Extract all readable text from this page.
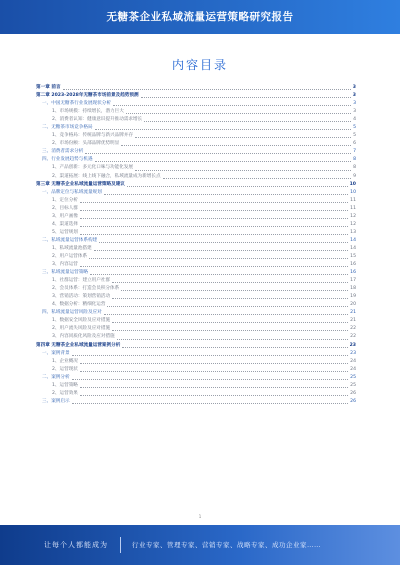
无糖茶企业私域流量运营策略研究报告
内容目录
第一章 前言	3
第二章 2023-2028年无糖茶市场前景及趋势预测	3
一、中国无糖茶行业发展现状分析	3
1、市场规模：持续增长，潜力巨大	3
2、消费者认知：健康意识提升推动需求增长	4
二、无糖茶市场竞争格局	5
1、竞争格局：传统品牌与新兴品牌并存	5
2、市场份额：头部品牌优势明显	6
三、消费者需求分析	7
四、行业发展趋势与机遇	8
1、产品创新：多元化口味与功能化发展	8
2、渠道拓展：线上线下融合，私域流量成为新增长点	9
第三章 无糖茶企业私域流量运营策略及建议	10
一、品牌定位与私域流量规划	10
1、定位分析	11
2、目标人群	11
3、用户画像	12
4、渠道选择	12
5、运营规划	13
二、私域流量运营体系构建	14
1、私域流量池搭建	14
2、用户运营体系	15
3、内容运营	16
三、私域流量运营策略	16
1、社群运营：建立用户社群	17
2、会员体系：打造会员积分体系	18
3、营销活动：策划营销活动	19
4、数据分析：精细化运营	20
四、私域流量运营风险及应对	21
1、数据安全风险及应对措施	21
2、用户流失风险及应对措施	22
3、内容同质化风险及应对措施	22
第四章 无糖茶企业私域流量运营案例分析	23
一、案例背景	23
1、企业概况	24
2、运营现状	24
二、案例分析	25
1、运营策略	25
2、运营效果	26
三、案例启示	26
1
让每个人都能成为	行业专家、管理专家、营销专家、战略专家、成功企业家……
